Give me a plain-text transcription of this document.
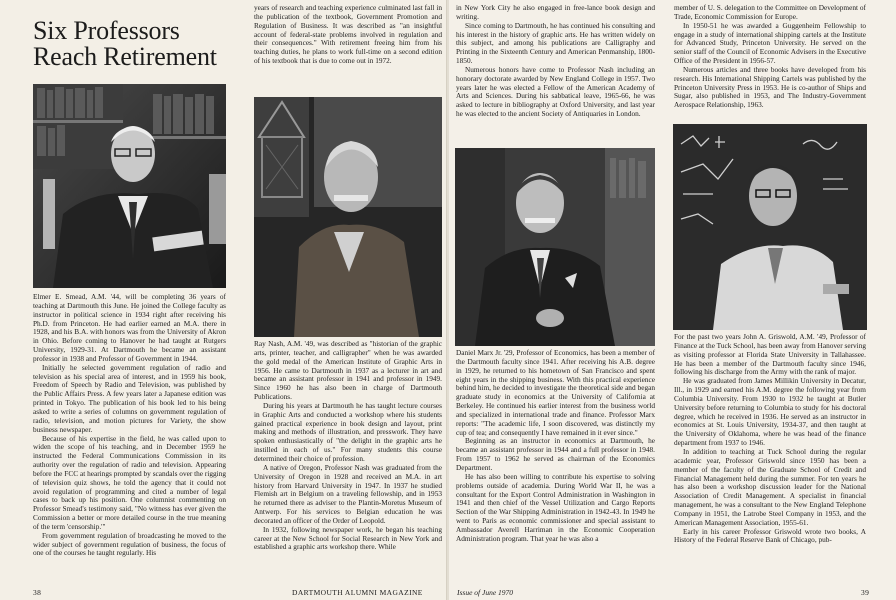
Six Professors Reach Retirement

Elmer E. Smead, A.M. '44, will be completing 36 years of teaching at Dartmouth this June. He joined the College faculty as instructor in political science in 1934 right after receiving his Ph.D. from Princeton. He had earlier earned an M.A. there in 1928, and his B.A. with honors was from the University of Akron in Ohio. Before coming to Hanover he had taught at Rutgers University, 1929-31. At Dartmouth he became an assistant professor in 1938 and Professor of Government in 1944.

Initially he selected government regulation of radio and television as his special area of interest, and in 1959 his book, Freedom of Speech by Radio and Television, was published by the Public Affairs Press. A few years later a Japanese edition was printed in Tokyo. The publication of his book led to his being asked to write a series of columns on government regulation of radio, television, and motion pictures for Variety, the show business newspaper.

Because of his expertise in the field, he was called upon to widen the scope of his teaching, and in December 1959 he instructed the Federal Communications Commission in its authority over the regulation of radio and television. Appearing before the FCC at hearings prompted by scandals over the rigging of television quiz shows, he told the agency that it could not avoid regulation of programming and cited a number of legal cases to back up his position. One columnist commenting on Professor Smead's testimony said, "No witness has ever given the Commission a better or more detailed course in the true meaning of the term 'censorship.'"

From government regulation of broadcasting he moved to the wider subject of government regulation of business, the focus of one of the courses he taught regularly. His

years of research and teaching experience culminated last fall in the publication of the textbook, Government Promotion and Regulation of Business. It was described as "an insightful account of federal-state problems involved in regulation and their consequences." With retirement freeing him from his teaching duties, he plans to work full-time on a second edition of his textbook that is due to come out in 1972.

Ray Nash, A.M. '49, was described as "historian of the graphic arts, printer, teacher, and calligrapher" when he was awarded the gold medal of the American Institute of Graphic Arts in 1956. He came to Dartmouth in 1937 as a lecturer in art and became an assistant professor in 1941 and professor in 1949. Since 1960 he has also been in charge of Dartmouth Publications.

During his years at Dartmouth he has taught lecture courses in Graphic Arts and conducted a workshop where his students gained practical experience in book design and layout, print making and methods of illustration, and presswork. They have spoken enthusiastically of "the delight in the graphic arts he instilled in each of us." For many students this course determined their choice of profession.

A native of Oregon, Professor Nash was graduated from the University of Oregon in 1928 and received an M.A. in art history from Harvard University in 1947. In 1937 he studied Flemish art in Belgium on a traveling fellowship, and in 1953 he returned there as adviser to the Plantin-Moretus Museum of Antwerp. For his services to Belgian education he was decorated an officer of the Order of Leopold.

In 1932, following newspaper work, he began his teaching career at the New School for Social Research in New York and established a graphic arts workshop there. While

38	DARTMOUTH ALUMNI MAGAZINE

in New York City he also engaged in free-lance book design and writing.

Since coming to Dartmouth, he has continued his consulting and his interest in the history of graphic arts. He has written widely on this subject, and among his publications are Calligraphy and Printing in the Sixteenth Century and American Penmanship, 1800-1850.

Numerous honors have come to Professor Nash including an honorary doctorate awarded by New England College in 1957. Two years later he was elected a Fellow of the American Academy of Arts and Sciences. During his sabbatical leave, 1965-66, he was asked to lecture in bibliography at Oxford University, and last year he was elected to the ancient Society of Antiquaries in London.

Daniel Marx Jr. '29, Professor of Economics, has been a member of the Dartmouth faculty since 1941. After receiving his A.B. degree in 1929, he returned to his hometown of San Francisco and spent eight years in the shipping business. With this practical experience behind him, he decided to investigate the theoretical side and began graduate study in economics at the University of California at Berkeley. He continued his earlier interest from the business world and specialized in international trade and finance. Professor Marx reports: "The academic life, I soon discovered, was distinctly my cup of tea; and consequently I have remained in it ever since."

Beginning as an instructor in economics at Dartmouth, he became an assistant professor in 1944 and a full professor in 1948. From 1957 to 1962 he served as chairman of the Economics Department.

He has also been willing to contribute his expertise to solving problems outside of academia. During World War II, he was a consultant for the Export Control Administration in Washington in 1941 and then chief of the Vessel Utilization and Cargo Reports Section of the War Shipping Administration in 1942-43. In 1949 he went to Paris as economic commissioner and special assistant to Ambassador Averell Harriman in the Economic Cooperation Administration program. That year he was also a

member of U. S. delegation to the Committee on Development of Trade, Economic Commission for Europe.

In 1950-51 he was awarded a Guggenheim Fellowship to engage in a study of international shipping cartels at the Institute for Advanced Study, Princeton University. He served on the senior staff of the Council of Economic Advisers in the Executive Office of the President in 1956-57.

Numerous articles and three books have developed from his research. His International Shipping Cartels was published by the Princeton University Press in 1953. He is co-author of Ships and Sugar, also published in 1953, and The Industry-Government Aerospace Relationship, 1963.

For the past two years John A. Griswold, A.M. '49, Professor of Finance at the Tuck School, has been away from Hanover serving as visiting professor at Florida State University in Tallahassee. He has been a member of the Dartmouth faculty since 1946, following his discharge from the Army with the rank of major.

He was graduated from James Millikin University in Decatur, Ill., in 1929 and earned his A.M. degree the following year from Columbia University. From 1930 to 1932 he taught at Butler University before returning to Columbia to study for his doctoral degree, which he received in 1936. He served as an instructor in economics at St. Louis University, 1934-37, and then taught at the University of Oklahoma, where he was head of the finance department from 1937 to 1946.

In addition to teaching at Tuck School during the regular academic year, Professor Griswold since 1950 has been a member of the faculty of the Graduate School of Credit and Financial Management held during the summer. For ten years he has also been a workshop discussion leader for the National Association of Credit Management. A specialist in financial management, he was a consultant to the New England Telephone Company in 1951, the Latrobe Steel Company in 1953, and the American Management Association, 1955-61.

Early in his career Professor Griswold wrote two books, A History of the Federal Reserve Bank of Chicago, pub-

Issue of June 1970	39
